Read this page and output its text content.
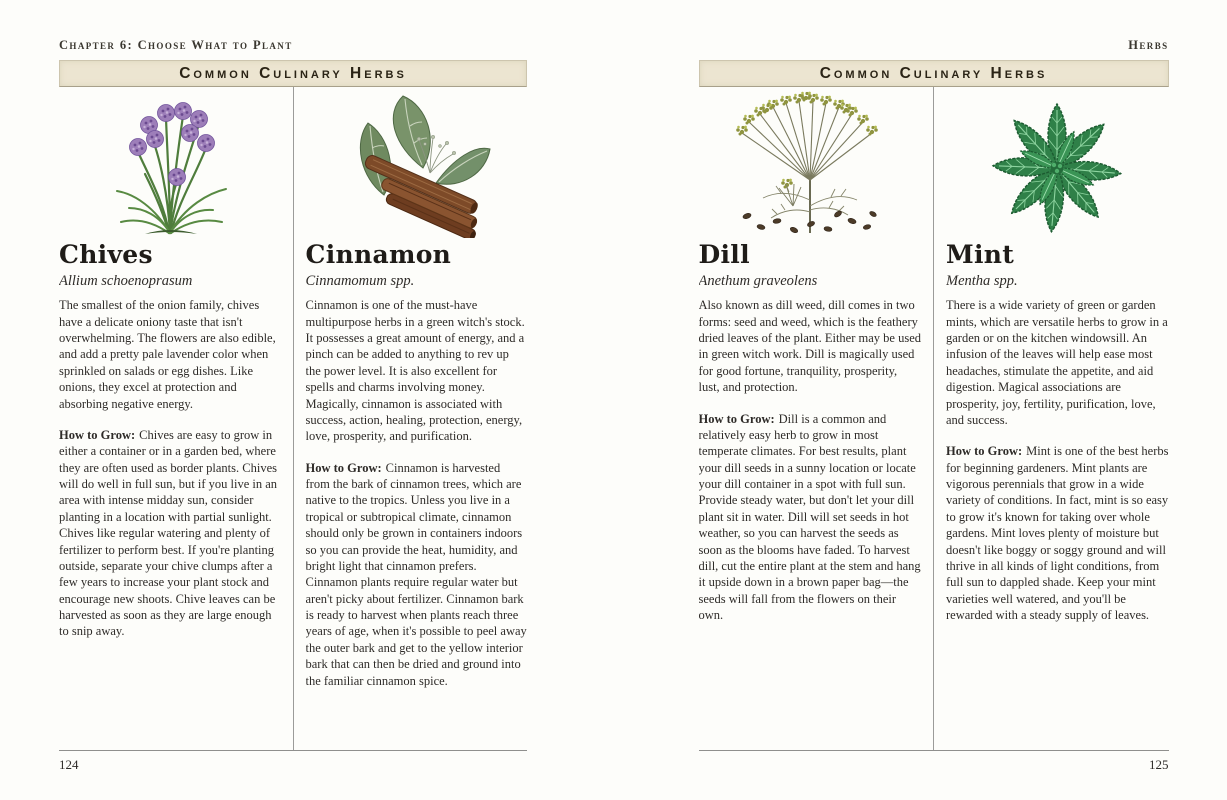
Chapter 6: Choose What to Plant
Common Culinary Herbs
Chives
Allium schoenoprasum

The smallest of the onion family, chives have a delicate oniony taste that isn't overwhelming. The flowers are also edible, and add a pretty pale lavender color when sprinkled on salads or egg dishes. Like onions, they excel at protection and absorbing negative energy.

How to Grow: Chives are easy to grow in either a container or in a garden bed, where they are often used as border plants. Chives will do well in full sun, but if you live in an area with intense midday sun, consider planting in a location with partial sunlight. Chives like regular watering and plenty of fertilizer to perform best. If you're planting outside, separate your chive clumps after a few years to increase your plant stock and encourage new shoots. Chive leaves can be harvested as soon as they are large enough to snip away.

Cinnamon
Cinnamomum spp.

Cinnamon is one of the must-have multipurpose herbs in a green witch's stock. It possesses a great amount of energy, and a pinch can be added to anything to rev up the power level. It is also excellent for spells and charms involving money. Magically, cinnamon is associated with success, action, healing, protection, energy, love, prosperity, and purification.

How to Grow: Cinnamon is harvested from the bark of cinnamon trees, which are native to the tropics. Unless you live in a tropical or subtropical climate, cinnamon should only be grown in containers indoors so you can provide the heat, humidity, and bright light that cinnamon prefers. Cinnamon plants require regular water but aren't picky about fertilizer. Cinnamon bark is ready to harvest when plants reach three years of age, when it's possible to peel away the outer bark and get to the yellow interior bark that can then be dried and ground into the familiar cinnamon spice.

124
Herbs
Common Culinary Herbs
Dill
Anethum graveolens

Also known as dill weed, dill comes in two forms: seed and weed, which is the feathery dried leaves of the plant. Either may be used in green witch work. Dill is magically used for good fortune, tranquility, prosperity, lust, and protection.

How to Grow: Dill is a common and relatively easy herb to grow in most temperate climates. For best results, plant your dill seeds in a sunny location or locate your dill container in a spot with full sun. Provide steady water, but don't let your dill plant sit in water. Dill will set seeds in hot weather, so you can harvest the seeds as soon as the blooms have faded. To harvest dill, cut the entire plant at the stem and hang it upside down in a brown paper bag—the seeds will fall from the flowers on their own.

Mint
Mentha spp.

There is a wide variety of green or garden mints, which are versatile herbs to grow in a garden or on the kitchen windowsill. An infusion of the leaves will help ease most headaches, stimulate the appetite, and aid digestion. Magical associations are prosperity, joy, fertility, purification, love, and success.

How to Grow: Mint is one of the best herbs for beginning gardeners. Mint plants are vigorous perennials that grow in a wide variety of conditions. In fact, mint is so easy to grow it's known for taking over whole gardens. Mint loves plenty of moisture but doesn't like boggy or soggy ground and will thrive in all kinds of light conditions, from full sun to dappled shade. Keep your mint varieties well watered, and you'll be rewarded with a steady supply of leaves.

125
